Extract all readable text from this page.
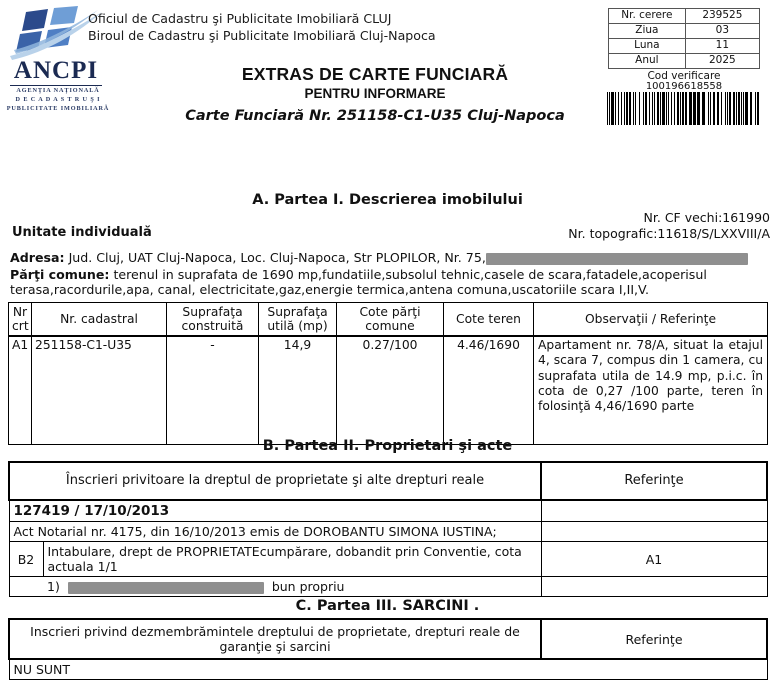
ANCPI
AGENŢIA NAŢIONALĂ
D E C A D A S T R U Ş I
PUBLICITATE IMOBILIARĂ
Oficiul de Cadastru şi Publicitate Imobiliară CLUJ
Biroul de Cadastru şi Publicitate Imobiliară Cluj-Napoca
EXTRAS DE CARTE FUNCIARĂ
PENTRU INFORMARE
Carte Funciară Nr. 251158-C1-U35 Cluj-Napoca
Nr. cerere	239525
Ziua	03
Luna	11
Anul	2025
Cod verificare
100196618558
A. Partea I. Descrierea imobilului
Nr. CF vechi:161990
Nr. topografic:11618/S/LXXVIII/A
Unitate individuală
Adresa: Jud. Cluj, UAT Cluj-Napoca, Loc. Cluj-Napoca, Str PLOPILOR, Nr. 75,
Părţi comune: terenul in suprafata de 1690 mp,fundatiile,subsolul tehnic,casele de scara,fatadele,acoperisul terasa,racordurile,apa, canal, electricitate,gaz,energie termica,antena comuna,uscatoriile scara I,II,V.
Nr
crt	Nr. cadastral	Suprafaţa construită	Suprafaţa utilă (mp)	Cote părţi comune	Cote teren	Observaţii / Referinţe
A1	251158-C1-U35	-	14,9	0.27/100	4.46/1690	Apartament nr. 78/A, situat la etajul 4, scara 7, compus din 1 camera, cu suprafata utila de 14.9 mp, p.i.c. în cota de 0,27 /100 parte, teren în folosinţă 4,46/1690 parte
B. Partea II. Proprietari şi acte
Înscrieri privitoare la dreptul de proprietate şi alte drepturi reale		Referinţe
127419 / 17/10/2013		
Act Notarial nr. 4175, din 16/10/2013 emis de DOROBANTU SIMONA IUSTINA;		
B2	Intabulare, drept de PROPRIETATEcumpărare, dobandit prin Conventie, cota actuala 1/1	A1
	1) bun propriu	
C. Partea III. SARCINI .
Inscrieri privind dezmembrămintele dreptului de proprietate, drepturi reale de garanţie şi sarcini	Referinţe
NU SUNT
